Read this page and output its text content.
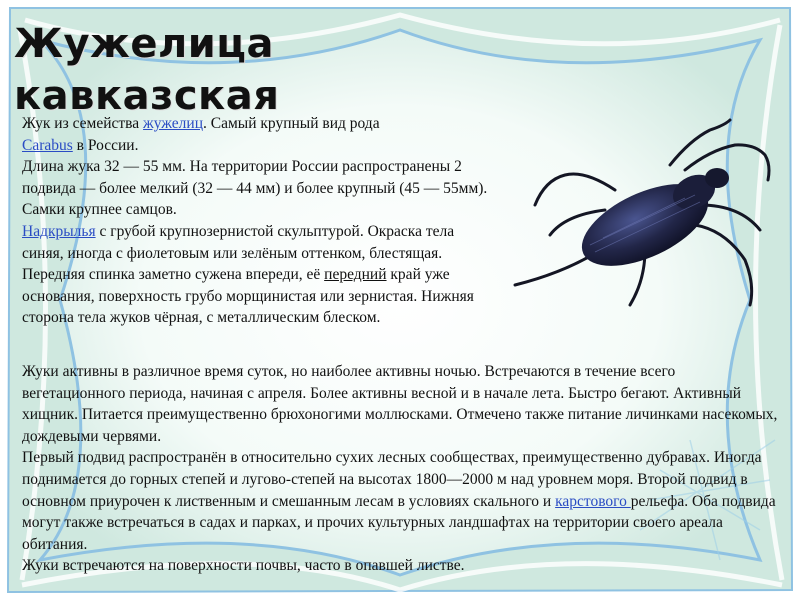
Жужелица кавказская
Жук из семейства жужелиц. Самый крупный вид рода
Carabus в России.
Длина жука 32 — 55 мм. На территории России распространены 2 подвида — более мелкий (32 — 44 мм) и более крупный (45 — 55мм). Самки крупнее самцов.
Надкрылья с грубой крупнозернистой скульптурой. Окраска тела синяя, иногда с фиолетовым или зелёным оттенком, блестящая. Передняя спинка заметно сужена впереди, её передний край уже основания, поверхность грубо морщинистая или зернистая. Нижняя сторона тела жуков чёрная, с металлическим блеском.
Жуки активны в различное время суток, но наиболее активны ночью. Встречаются в течение всего вегетационного периода, начиная с апреля. Более активны весной и в начале лета. Быстро бегают. Активный хищник. Питается преимущественно брюхоногими моллюсками. Отмечено также питание личинками насекомых, дождевыми червями.
Первый подвид распространён в относительно сухих лесных сообществах, преимущественно дубравах. Иногда поднимается до горных степей и лугово-степей на высотах 1800—2000 м над уровнем моря. Второй подвид в основном приурочен к лиственным и смешанным лесам в условиях скального и карстового рельефа. Оба подвида могут также встречаться в садах и парках, и прочих культурных ландшафтах на территории своего ареала обитания.
Жуки встречаются на поверхности почвы, часто в опавшей листве.
